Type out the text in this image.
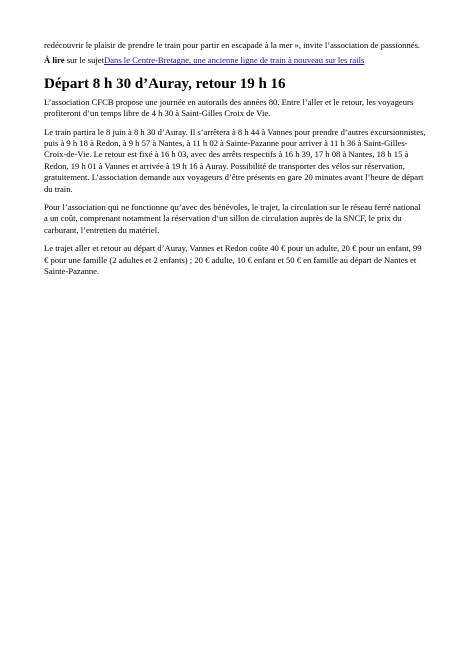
redécouvrir le plaisir de prendre le train pour partir en escapade à la mer », invite l’association de passionnés.

À lire sur le sujetDans le Centre-Bretagne, une ancienne ligne de train à nouveau sur les rails

Départ 8 h 30 d’Auray, retour 19 h 16

L’association CFCB propose une journée en autorails des années 80. Entre l’aller et le retour, les voyageurs profiteront d’un temps libre de 4 h 30 à Saint-Gilles Croix de Vie.

Le train partira le 8 juin à 8 h 30 d’Auray. Il s’arrêtera à 8 h 44 à Vannes pour prendre d’autres excursionnistes, puis à 9 h 18 à Redon, à 9 h 57 à Nantes, à 11 h 02 à Sainte-Pazanne pour arriver à 11 h 36 à Saint-Gilles-Croix-de-Vie. Le retour est fixé à 16 h 03, avec des arrêts respectifs à 16 h 39, 17 h 08 à Nantes, 18 h 15 à Redon, 19 h 01 à Vannes et arrivée à 19 h 16 à Auray. Possibilité de transporter des vélos sur réservation, gratuitement. L’association demande aux voyageurs d’être présents en gare 20 minutes avant l’heure de départ du train.

Pour l’association qui ne fonctionne qu’avec des bénévoles, le trajet, la circulation sur le réseau ferré national a un coût, comprenant notamment la réservation d‘un sillon de circulation auprès de la SNCF, le prix du carburant, l’entretien du matériel.

Le trajet aller et retour au départ d’Auray, Vannes et Redon coûte 40 € pour un adulte, 20 € pour un enfant, 99 € pour une famille (2 adultes et 2 enfants) ; 20 € adulte, 10 € enfant et 50 € en famille au départ de Nantes et Sainte-Pazanne.
